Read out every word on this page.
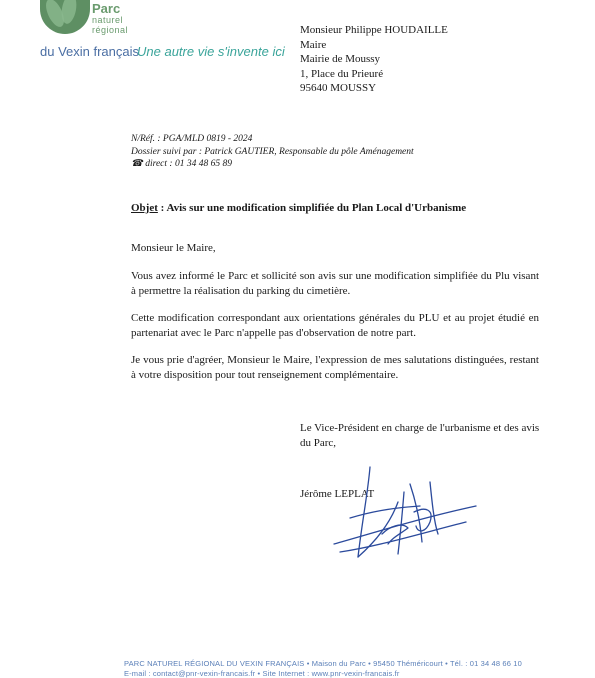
Parc
naturel
régional
du Vexin français
Une autre vie s'invente ici
Monsieur Philippe HOUDAILLE
Maire
Mairie de Moussy
1, Place du Prieuré
95640 MOUSSY
N/Réf. : PGA/MLD 0819 - 2024
Dossier suivi par : Patrick GAUTIER, Responsable du pôle Aménagement
☎ direct : 01 34 48 65 89
Objet : Avis sur une modification simplifiée du Plan Local d'Urbanisme
Monsieur le Maire,
Vous avez informé le Parc et sollicité son avis sur une modification simplifiée du Plu visant à permettre la réalisation du parking du cimetière.
Cette modification correspondant aux orientations générales du PLU et au projet étudié en partenariat avec le Parc n'appelle pas d'observation de notre part.
Je vous prie d'agréer, Monsieur le Maire, l'expression de mes salutations distinguées, restant à votre disposition pour tout renseignement complémentaire.
Le Vice-Président en charge de l'urbanisme et des avis du Parc,
Jérôme LEPLAT
PARC NATUREL RÉGIONAL DU VEXIN FRANÇAIS • Maison du Parc • 95450 Théméricourt • Tél. : 01 34 48 66 10
E-mail : contact@pnr-vexin-francais.fr • Site Internet : www.pnr-vexin-francais.fr
